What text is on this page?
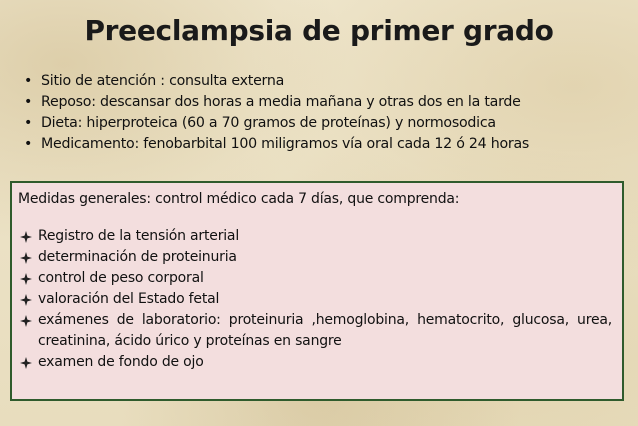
Preeclampsia de primer grado
• Sitio de atención : consulta externa
• Reposo: descansar dos horas a media mañana y otras dos en la tarde
• Dieta: hiperproteica (60 a 70 gramos de proteínas) y normosodica
• Medicamento: fenobarbital 100 miligramos vía oral cada 12 ó 24 horas
Medidas generales: control médico cada 7 días, que comprenda:
Registro de la tensión arterial
determinación de proteinuria
control de peso corporal
valoración del Estado fetal
exámenes de laboratorio: proteinuria ,hemoglobina, hematocrito, glucosa, urea, creatinina, ácido úrico y proteínas en sangre
examen de fondo de ojo
